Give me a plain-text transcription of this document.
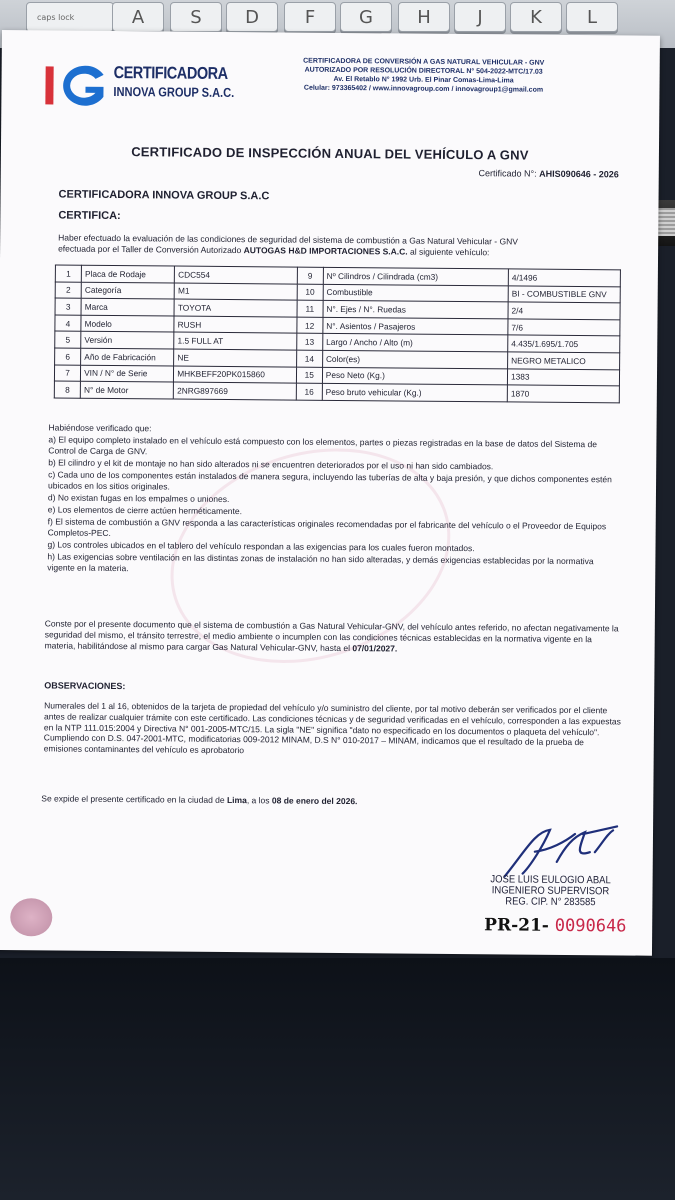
caps lock	A	S	D	F	G	H	J	K	L
CERTIFICADORA
INNOVA GROUP S.A.C.
CERTIFICADORA DE CONVERSIÓN A GAS NATURAL VEHICULAR - GNV
AUTORIZADO POR RESOLUCIÓN DIRECTORAL N° 504-2022-MTC/17.03
Av. El Retablo N° 1992 Urb. El Pinar Comas-Lima-Lima
Celular: 973365402 / www.innovagroup.com / innovagroup1@gmail.com
CERTIFICADO DE INSPECCIÓN ANUAL DEL VEHÍCULO A GNV
Certificado N°: AHIS090646 - 2026
CERTIFICADORA INNOVA GROUP S.A.C
CERTIFICA:
Haber efectuado la evaluación de las condiciones de seguridad del sistema de combustión a Gas Natural Vehicular - GNV
efectuada por el Taller de Conversión Autorizado AUTOGAS H&D IMPORTACIONES S.A.C. al siguiente vehículo:
1	Placa de Rodaje	CDC554	9	Nº Cilindros / Cilindrada (cm3)	4/1496
2	Categoría	M1	10	Combustible	BI - COMBUSTIBLE GNV
3	Marca	TOYOTA	11	N°. Ejes / N°. Ruedas	2/4
4	Modelo	RUSH	12	N°. Asientos / Pasajeros	7/6
5	Versión	1.5 FULL AT	13	Largo / Ancho / Alto (m)	4.435/1.695/1.705
6	Año de Fabricación	NE	14	Color(es)	NEGRO METALICO
7	VIN / N° de Serie	MHKBEFF20PK015860	15	Peso Neto (Kg.)	1383
8	N° de Motor	2NRG897669	16	Peso bruto vehicular (Kg.)	1870

Habiéndose verificado que:

a) El equipo completo instalado en el vehículo está compuesto con los elementos, partes o piezas registradas en la base de datos del Sistema de Control de Carga de GNV.

b) El cilindro y el kit de montaje no han sido alterados ni se encuentren deteriorados por el uso ni han sido cambiados.

c) Cada uno de los componentes están instalados de manera segura, incluyendo las tuberías de alta y baja presión, y que dichos componentes estén ubicados en los sitios originales.

d) No existan fugas en los empalmes o uniones.

e) Los elementos de cierre actúen herméticamente.

f) El sistema de combustión a GNV responda a las características originales recomendadas por el fabricante del vehículo o el Proveedor de Equipos Completos-PEC.

g) Los controles ubicados en el tablero del vehículo respondan a las exigencias para los cuales fueron montados.

h) Las exigencias sobre ventilación en las distintas zonas de instalación no han sido alteradas, y demás exigencias establecidas por la normativa vigente en la materia.

Conste por el presente documento que el sistema de combustión a Gas Natural Vehicular-GNV, del vehículo antes referido, no afectan negativamente la seguridad del mismo, el tránsito terrestre, el medio ambiente o incumplen con las condiciones técnicas establecidas en la normativa vigente en la materia, habilitándose al mismo para cargar Gas Natural Vehicular-GNV, hasta el 07/01/2027.
OBSERVACIONES:

Numerales del 1 al 16, obtenidos de la tarjeta de propiedad del vehículo y/o suministro del cliente, por tal motivo deberán ser verificados por el cliente antes de realizar cualquier trámite con este certificado. Las condiciones técnicas y de seguridad verificadas en el vehículo, corresponden a las expuestas en la NTP 111.015:2004 y Directiva N° 001-2005-MTC/15. La sigla "NE" significa "dato no especificado en los documentos o plaqueta del vehículo".

Cumpliendo con D.S. 047-2001-MTC, modificatorias 009-2012 MINAM, D.S N° 010-2017 – MINAM, indicamos que el resultado de la prueba de emisiones contaminantes del vehículo es aprobatorio

Se expide el presente certificado en la ciudad de Lima, a los 08 de enero del 2026.
JOSE LUIS EULOGIO ABAL
INGENIERO SUPERVISOR
REG. CIP. N° 283585
PR-21- 0090646
